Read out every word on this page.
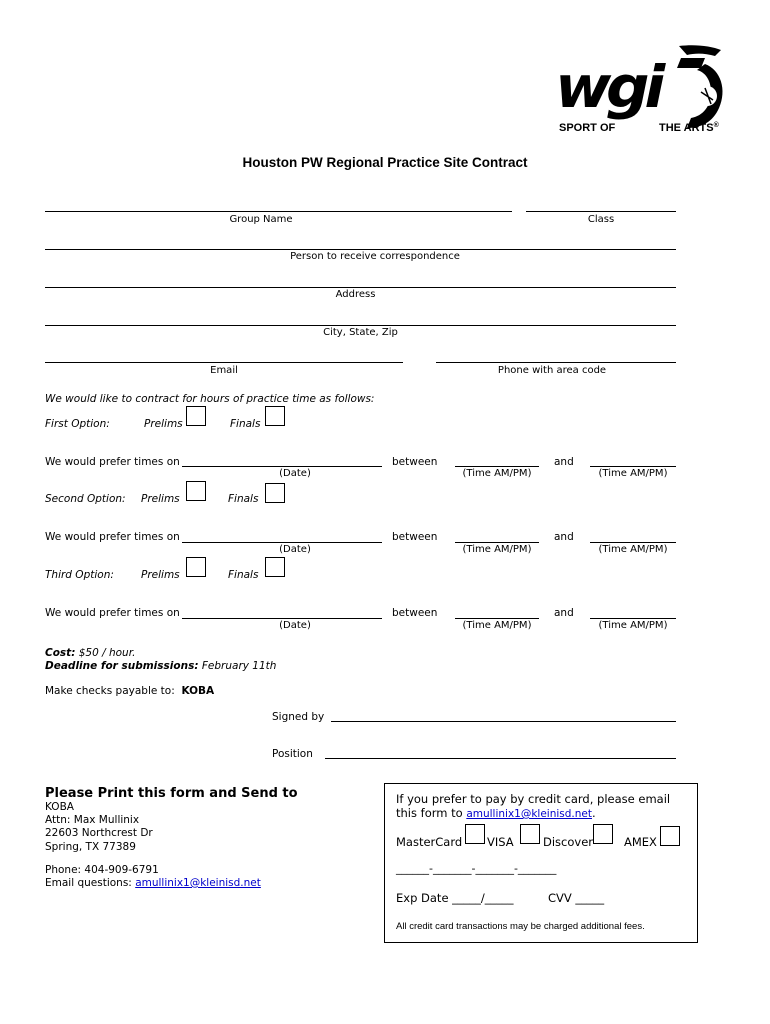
wgi
SPORT OF	THE ARTS®
Houston PW Regional Practice Site Contract
Group Name	Class
Person to receive correspondence
Address
City, State, Zip
Email	Phone with area code
We would like to contract for hours of practice time as follows:
First Option:	Prelims	Finals
We would prefer times on
(Date)
between
(Time AM/PM)
and
(Time AM/PM)
Second Option: Prelims	Finals
We would prefer times on
(Date)
between
(Time AM/PM)
and
(Time AM/PM)
Third Option:	Prelims	Finals
We would prefer times on
(Date)
between
(Time AM/PM)
and
(Time AM/PM)
Cost: $50 / hour.
Deadline for submissions: February 11th
Make checks payable to: KOBA
Signed by
Position
Please Print this form and Send to
KOBA
Attn: Max Mullinix
22603 Northcrest Dr
Spring, TX 77389
Phone: 404-909-6791
Email questions: amullinix1@kleinisd.net
If you prefer to pay by credit card, please email this form to amullinix1@kleinisd.net.
MasterCard VISA	Discover	AMEX
______-_______-_______-_______
Exp Date _____/_____	CVV _____
All credit card transactions may be charged additional fees.
